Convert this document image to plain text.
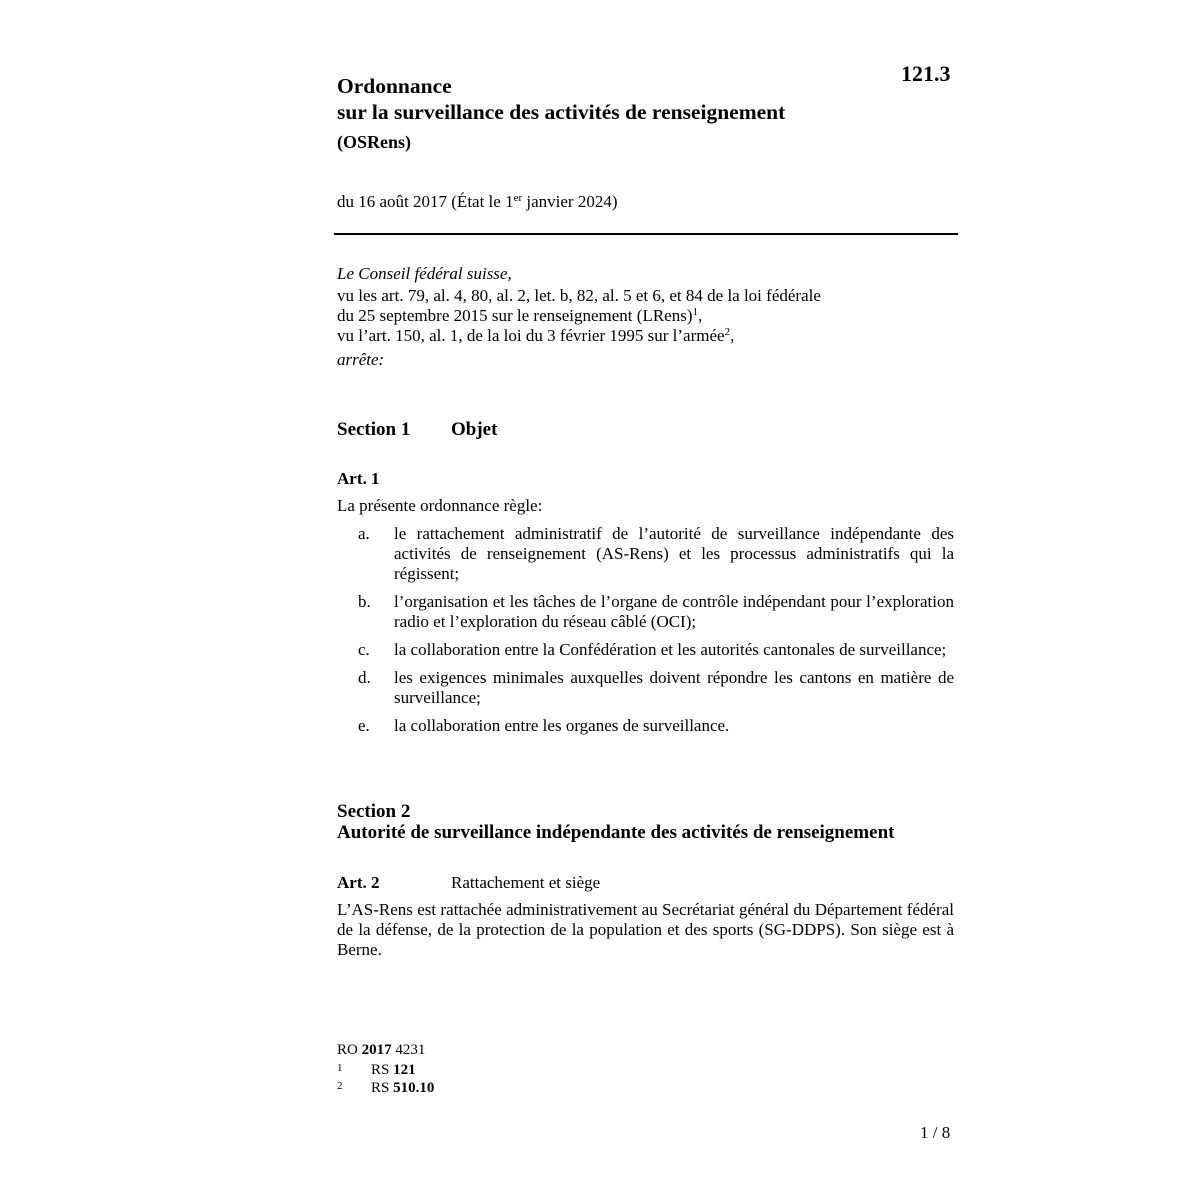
121.3
Ordonnance
sur la surveillance des activités de renseignement
(OSRens)
du 16 août 2017 (État le 1er janvier 2024)
Le Conseil fédéral suisse,
vu les art. 79, al. 4, 80, al. 2, let. b, 82, al. 5 et 6, et 84 de la loi fédérale
du 25 septembre 2015 sur le renseignement (LRens)$^1$,
vu l’art. 150, al. 1, de la loi du 3 février 1995 sur l’armée$^2$,
arrête:
Section 1 Objet
Art. 1
La présente ordonnance règle:
a.	le rattachement administratif de l’autorité de surveillance indépendante des activités de renseignement (AS-Rens) et les processus administratifs qui la régissent;
b.	l’organisation et les tâches de l’organe de contrôle indépendant pour l’exploration radio et l’exploration du réseau câblé (OCI);
c.	la collaboration entre la Confédération et les autorités cantonales de surveillance;
d.	les exigences minimales auxquelles doivent répondre les cantons en matière de surveillance;
e.	la collaboration entre les organes de surveillance.
Section 2
Autorité de surveillance indépendante des activités de renseignement
Art. 2	Rattachement et siège
L’AS-Rens est rattachée administrativement au Secrétariat général du Département fédéral de la défense, de la protection de la population et des sports (SG-DDPS). Son siège est à Berne.
RO 2017 4231
1	RS 121
2	RS 510.10
1 / 8
